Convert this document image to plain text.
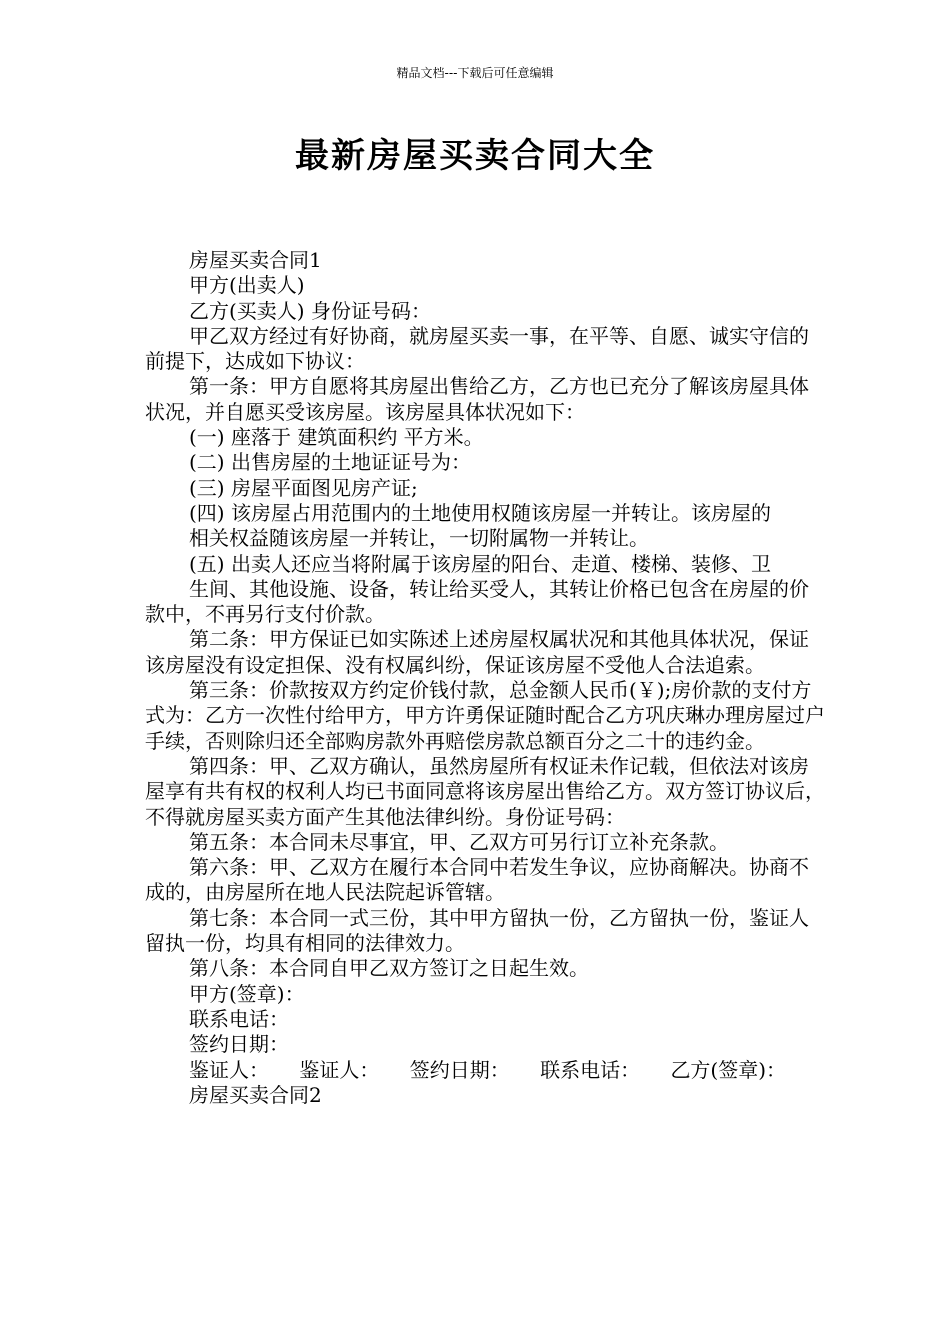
精品文档---下载后可任意编辑
最新房屋买卖合同大全

房屋买卖合同1

甲方(出卖人)

乙方(买卖人) 身份证号码：

甲乙双方经过有好协商，就房屋买卖一事，在平等、自愿、诚实守信的前提下，达成如下协议：

第一条：甲方自愿将其房屋出售给乙方，乙方也已充分了解该房屋具体状况，并自愿买受该房屋。该房屋具体状况如下：

(一) 座落于 建筑面积约 平方米。

(二) 出售房屋的土地证证号为：

(三) 房屋平面图见房产证;

(四) 该房屋占用范围内的土地使用权随该房屋一并转让。该房屋的

相关权益随该房屋一并转让，一切附属物一并转让。

(五) 出卖人还应当将附属于该房屋的阳台、走道、楼梯、装修、卫

生间、其他设施、设备，转让给买受人，其转让价格已包含在房屋的价款中，不再另行支付价款。

第二条：甲方保证已如实陈述上述房屋权属状况和其他具体状况，保证该房屋没有设定担保、没有权属纠纷，保证该房屋不受他人合法追索。

第三条：价款按双方约定价钱付款，总金额人民币(￥);房价款的支付方式为：乙方一次性付给甲方，甲方许勇保证随时配合乙方巩庆琳办理房屋过户手续，否则除归还全部购房款外再赔偿房款总额百分之二十的违约金。

第四条：甲、乙双方确认，虽然房屋所有权证未作记载，但依法对该房屋享有共有权的权利人均已书面同意将该房屋出售给乙方。双方签订协议后，不得就房屋买卖方面产生其他法律纠纷。身份证号码：

第五条：本合同未尽事宜，甲、乙双方可另行订立补充条款。

第六条：甲、乙双方在履行本合同中若发生争议，应协商解决。协商不成的，由房屋所在地人民法院起诉管辖。

第七条：本合同一式三份，其中甲方留执一份，乙方留执一份，鉴证人留执一份，均具有相同的法律效力。

第八条：本合同自甲乙双方签订之日起生效。

甲方(签章)：

联系电话：

签约日期：

鉴证人： 鉴证人： 签约日期： 联系电话： 乙方(签章)：

房屋买卖合同2
